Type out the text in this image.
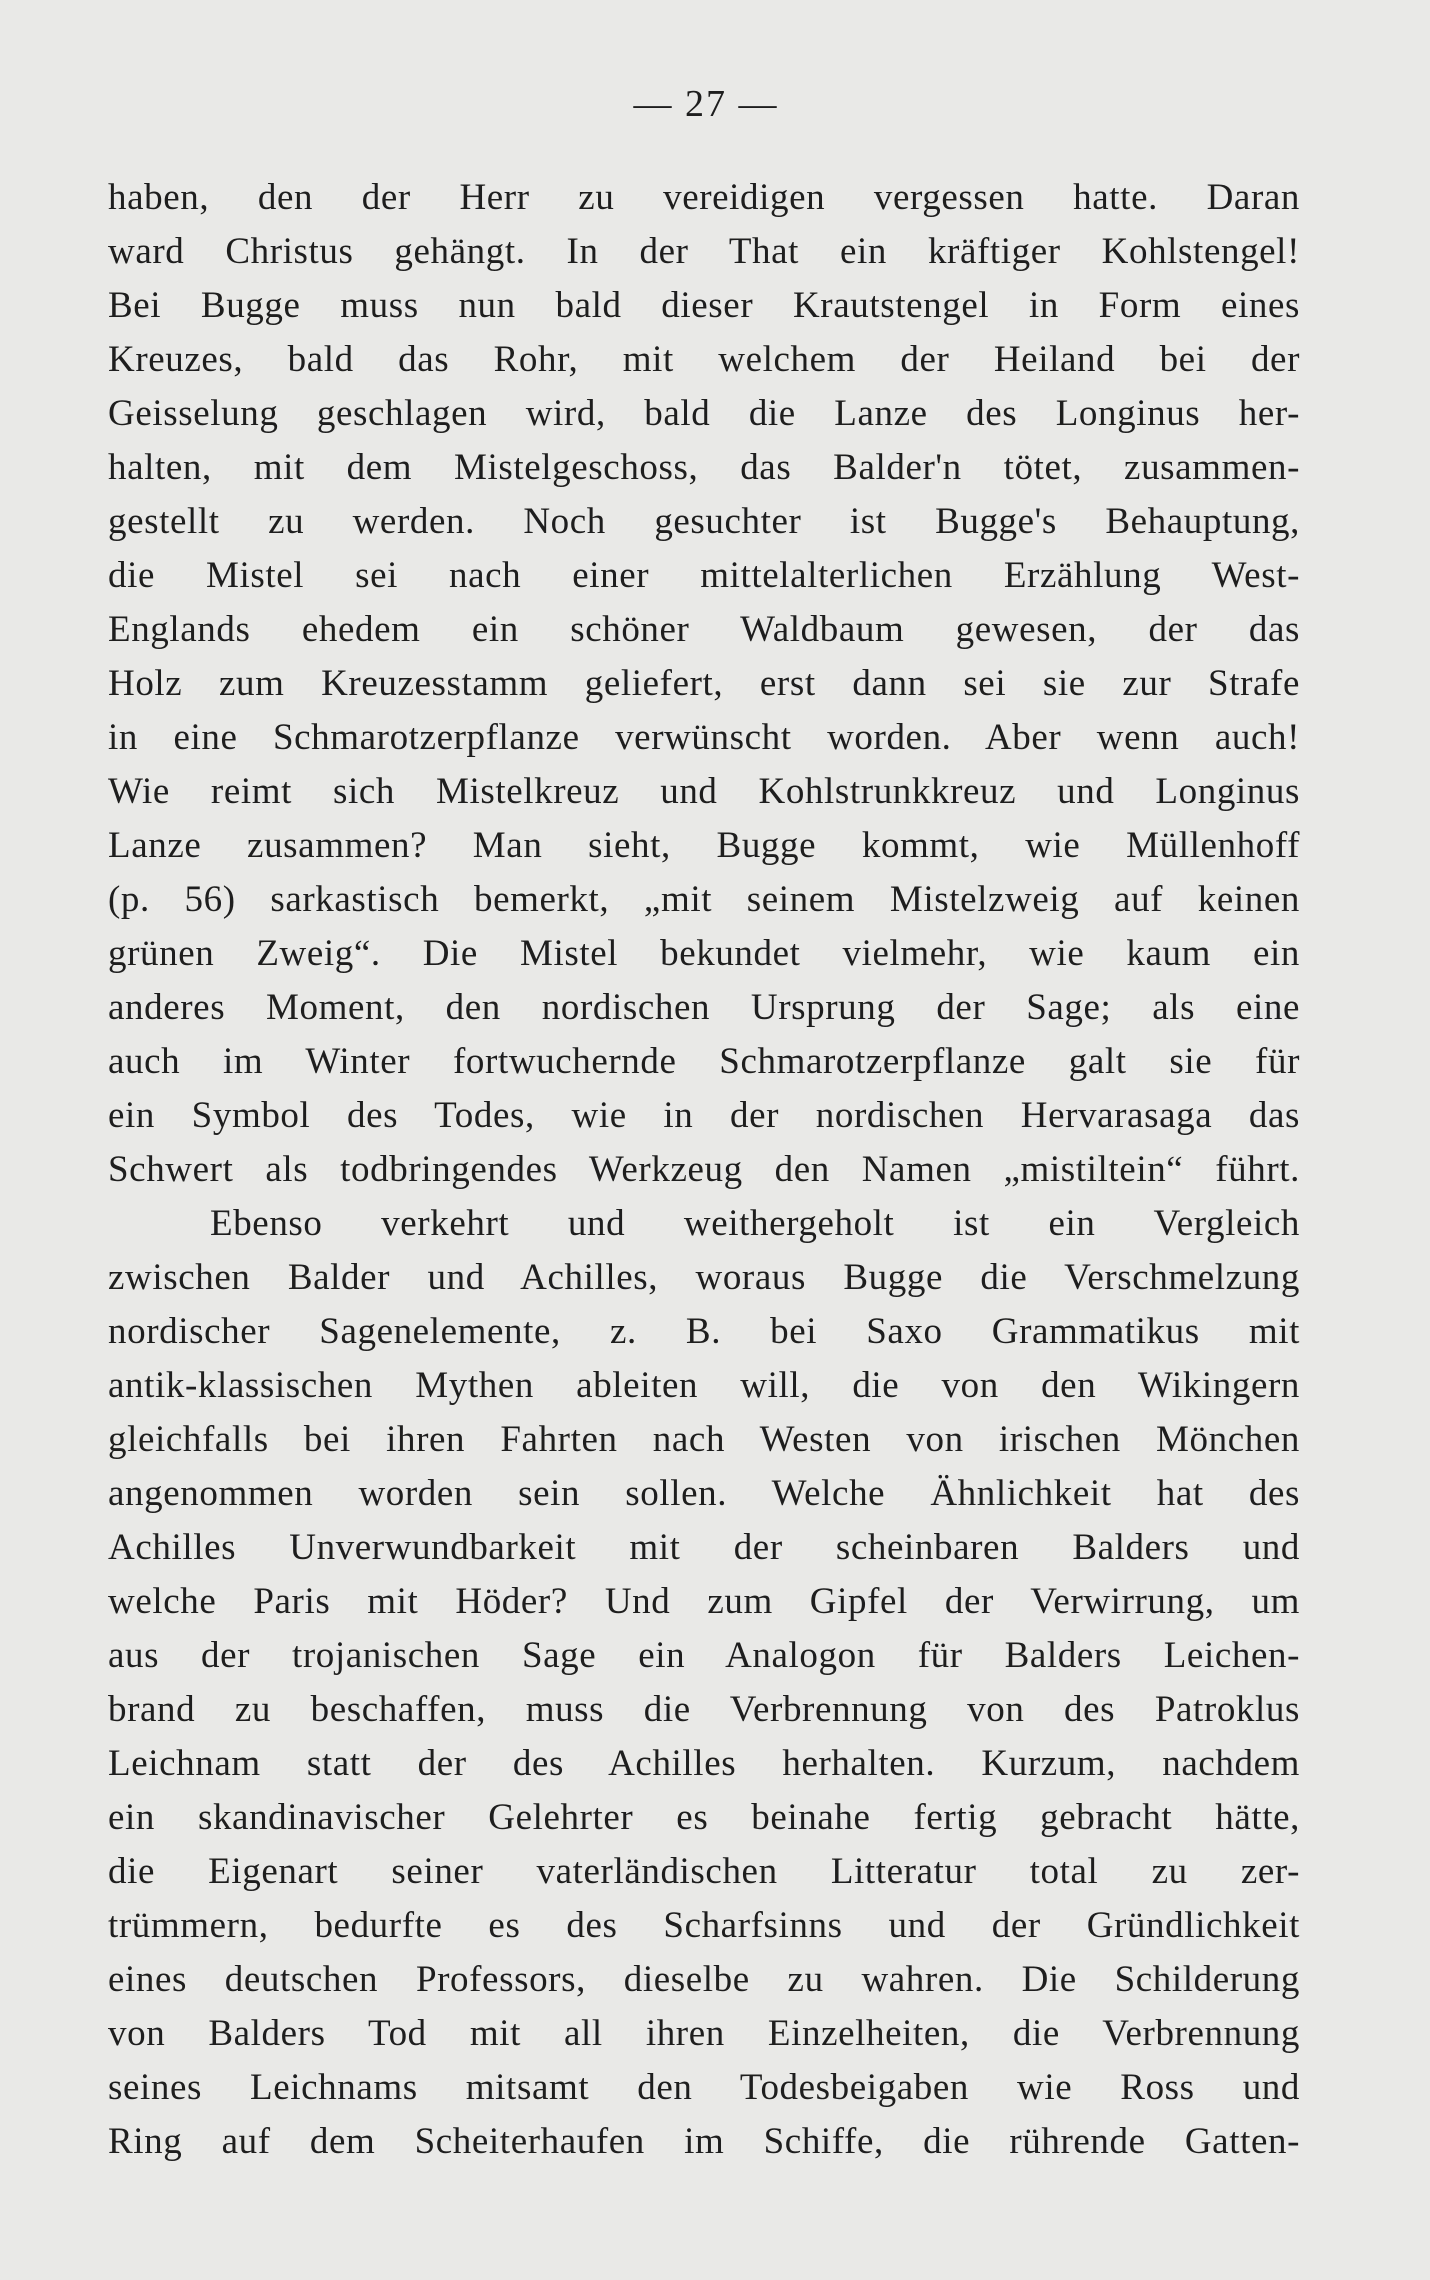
— 27 —
haben, den der Herr zu vereidigen vergessen hatte. Daran
ward Christus gehängt. In der That ein kräftiger Kohlstengel!
Bei Bugge muss nun bald dieser Krautstengel in Form eines
Kreuzes, bald das Rohr, mit welchem der Heiland bei der
Geisselung geschlagen wird, bald die Lanze des Longinus her-
halten, mit dem Mistelgeschoss, das Balder'n tötet, zusammen-
gestellt zu werden. Noch gesuchter ist Bugge's Behauptung,
die Mistel sei nach einer mittelalterlichen Erzählung West-
Englands ehedem ein schöner Waldbaum gewesen, der das
Holz zum Kreuzesstamm geliefert, erst dann sei sie zur Strafe
in eine Schmarotzerpflanze verwünscht worden. Aber wenn auch!
Wie reimt sich Mistelkreuz und Kohlstrunkkreuz und Longinus
Lanze zusammen? Man sieht, Bugge kommt, wie Müllenhoff
(p. 56) sarkastisch bemerkt, „mit seinem Mistelzweig auf keinen
grünen Zweig“. Die Mistel bekundet vielmehr, wie kaum ein
anderes Moment, den nordischen Ursprung der Sage; als eine
auch im Winter fortwuchernde Schmarotzerpflanze galt sie für
ein Symbol des Todes, wie in der nordischen Hervarasaga das
Schwert als todbringendes Werkzeug den Namen „mistiltein“ führt.
Ebenso verkehrt und weithergeholt ist ein Vergleich
zwischen Balder und Achilles, woraus Bugge die Verschmelzung
nordischer Sagenelemente, z. B. bei Saxo Grammatikus mit
antik-klassischen Mythen ableiten will, die von den Wikingern
gleichfalls bei ihren Fahrten nach Westen von irischen Mönchen
angenommen worden sein sollen. Welche Ähnlichkeit hat des
Achilles Unverwundbarkeit mit der scheinbaren Balders und
welche Paris mit Höder? Und zum Gipfel der Verwirrung, um
aus der trojanischen Sage ein Analogon für Balders Leichen-
brand zu beschaffen, muss die Verbrennung von des Patroklus
Leichnam statt der des Achilles herhalten. Kurzum, nachdem
ein skandinavischer Gelehrter es beinahe fertig gebracht hätte,
die Eigenart seiner vaterländischen Litteratur total zu zer-
trümmern, bedurfte es des Scharfsinns und der Gründlichkeit
eines deutschen Professors, dieselbe zu wahren. Die Schilderung
von Balders Tod mit all ihren Einzelheiten, die Verbrennung
seines Leichnams mitsamt den Todesbeigaben wie Ross und
Ring auf dem Scheiterhaufen im Schiffe, die rührende Gatten-
